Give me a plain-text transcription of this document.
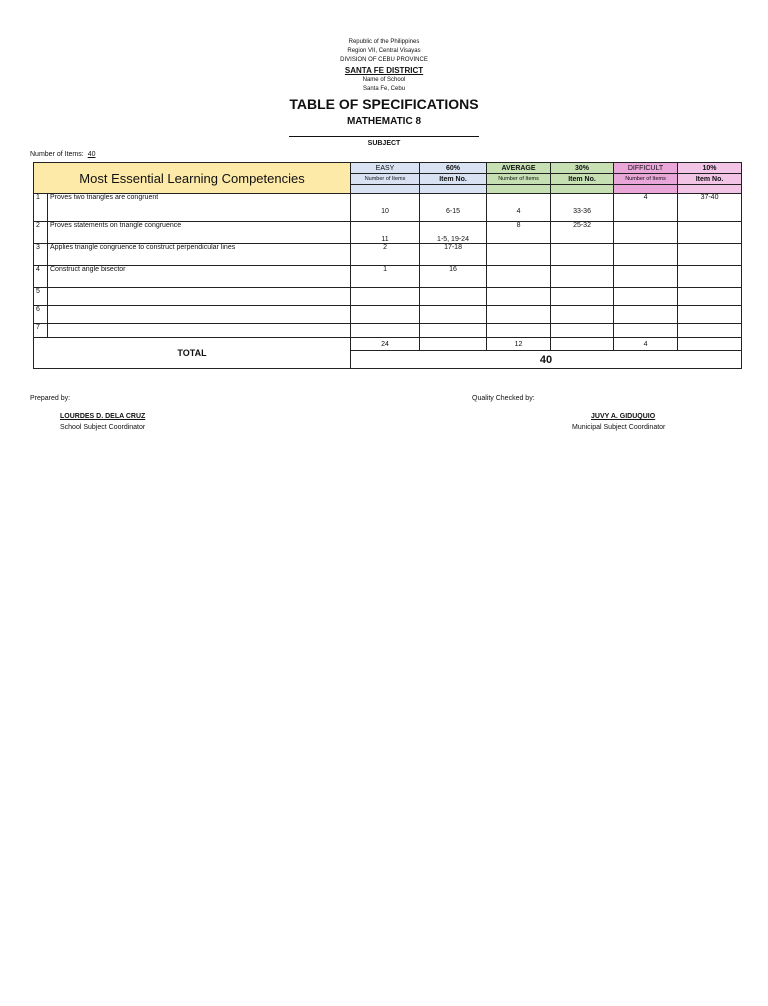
Republic of the Philippines
Region VII, Central Visayas
DIVISION OF CEBU PROVINCE
SANTA FE DISTRICT
Name of School
Santa Fe, Cebu
TABLE OF SPECIFICATIONS
MATHEMATIC 8
SUBJECT
Number of Items: 40
Most Essential Learning Competencies		EASY	60%	AVERAGE	30%	DIFFICULT	10%
		Number of Items	Item No.	Number of Items	Item No.	Number of Items	Item No.

1	Proves two triangles are congruent	10	6-15	4	33-36	4	37-40
2	Proves statements on triangle congruence	11	1-5, 19-24	8	25-32		
3	Applies triangle congruence to construct perpendicular lines	2	17-18				
4	Construct angle bisector	1	16				
5							
6							
7							
TOTAL		24		12		4	
		40					
Prepared by:
LOURDES D. DELA CRUZ
School Subject Coordinator
Quality Checked by:
JUVY A. GIDUQUIO
Municipal Subject Coordinator
